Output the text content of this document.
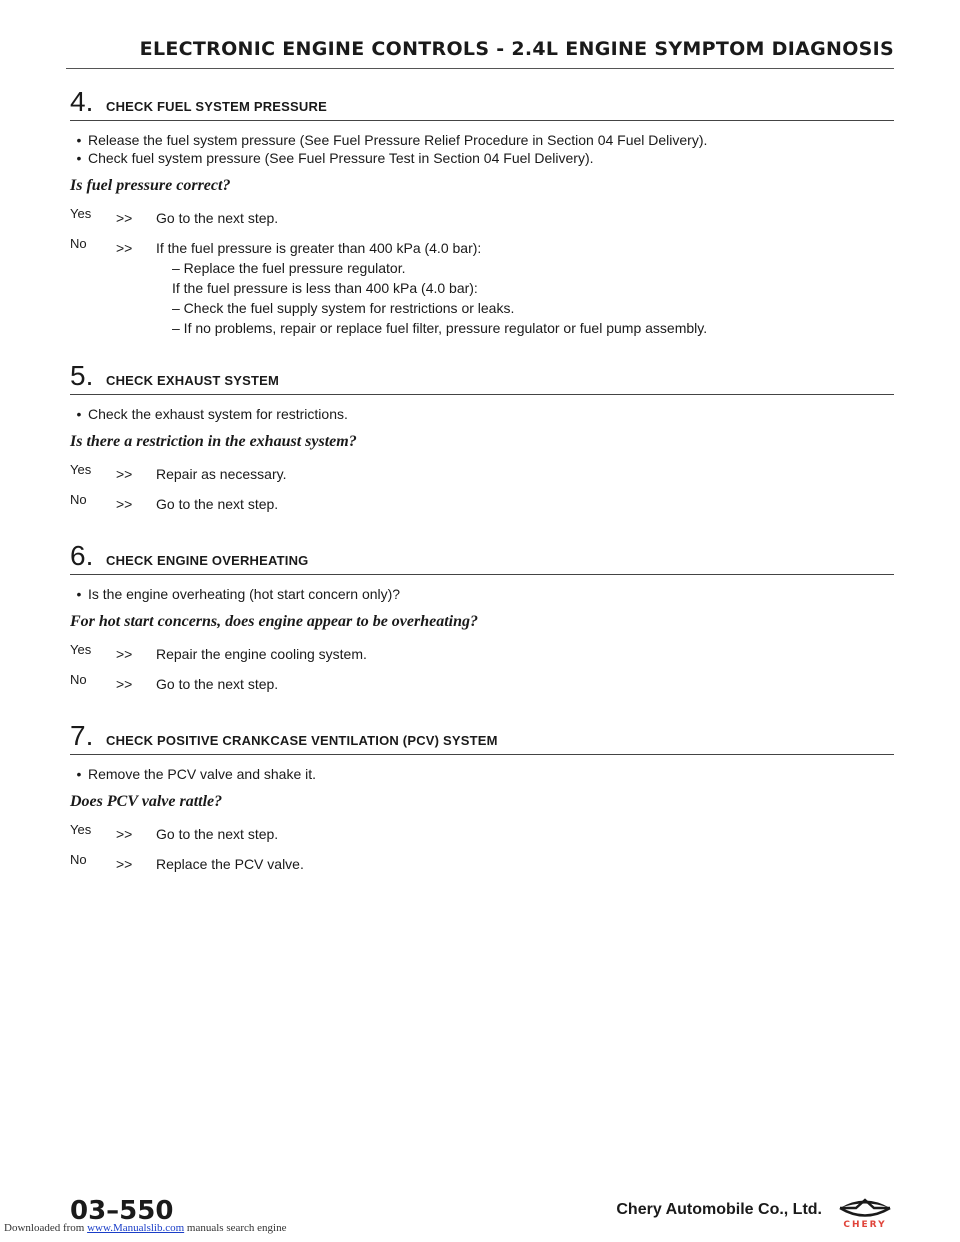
ELECTRONIC ENGINE CONTROLS - 2.4L ENGINE SYMPTOM DIAGNOSIS
4. CHECK FUEL SYSTEM PRESSURE
• Release the fuel system pressure (See Fuel Pressure Relief Procedure in Section 04 Fuel Delivery).
• Check fuel system pressure (See Fuel Pressure Test in Section 04 Fuel Delivery).
Is fuel pressure correct?
Yes	>>	Go to the next step.
No	>>	If the fuel pressure is greater than 400 kPa (4.0 bar):
– Replace the fuel pressure regulator.
If the fuel pressure is less than 400 kPa (4.0 bar):
– Check the fuel supply system for restrictions or leaks.
– If no problems, repair or replace fuel filter, pressure regulator or fuel pump assembly.
5. CHECK EXHAUST SYSTEM
• Check the exhaust system for restrictions.
Is there a restriction in the exhaust system?
Yes	>>	Repair as necessary.
No	>>	Go to the next step.
6. CHECK ENGINE OVERHEATING
• Is the engine overheating (hot start concern only)?
For hot start concerns, does engine appear to be overheating?
Yes	>>	Repair the engine cooling system.
No	>>	Go to the next step.
7. CHECK POSITIVE CRANKCASE VENTILATION (PCV) SYSTEM
• Remove the PCV valve and shake it.
Does PCV valve rattle?
Yes	>>	Go to the next step.
No	>>	Replace the PCV valve.
03–550	Chery Automobile Co., Ltd.
CHERY
Downloaded from www.Manualslib.com manuals search engine
